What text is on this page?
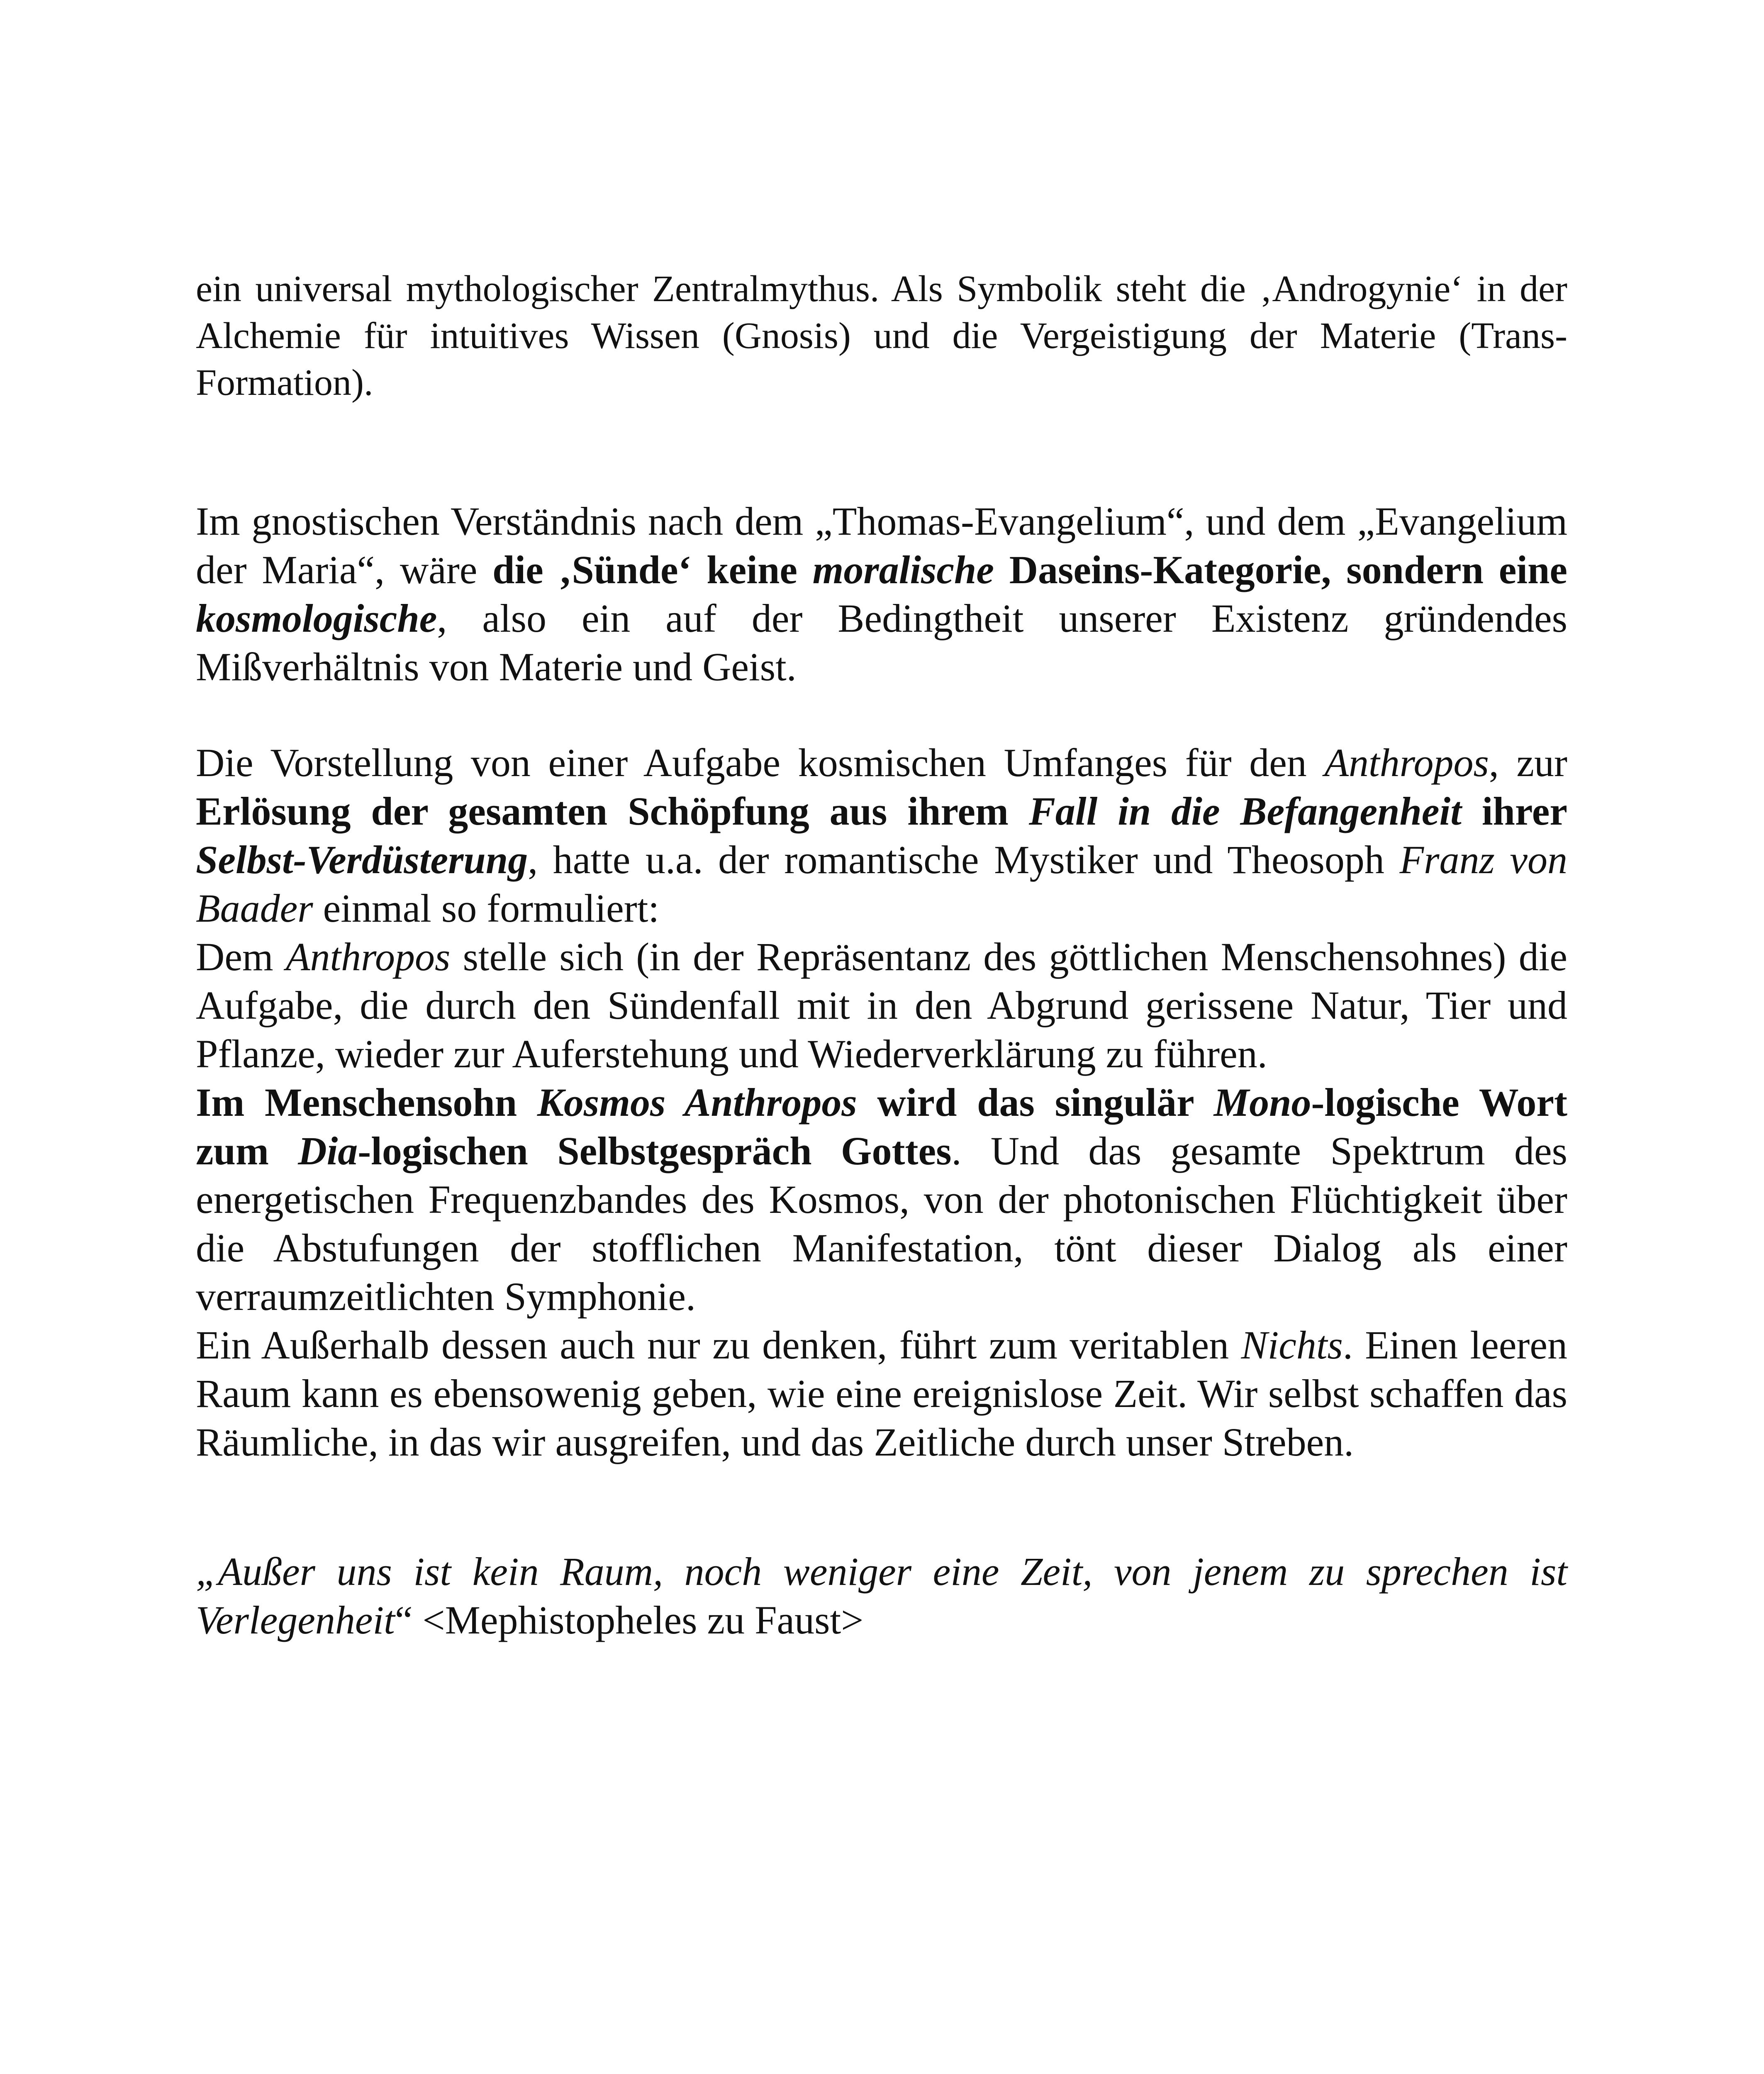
ein universal mythologischer Zentralmythus. Als Symbolik steht die ‚Androgynie‘ in der Alchemie für intuitives Wissen (Gnosis) und die Vergeistigung der Materie (Trans-Formation).

Im gnostischen Verständnis nach dem „Thomas-Evangelium“, und dem „Evangelium der Maria“, wäre die ‚Sünde‘ keine moralische Daseins-Kategorie, sondern eine kosmologische, also ein auf der Bedingtheit unserer Existenz gründendes Mißverhältnis von Materie und Geist.

Die Vorstellung von einer Aufgabe kosmischen Umfanges für den Anthropos, zur Erlösung der gesamten Schöpfung aus ihrem Fall in die Befangenheit ihrer Selbst-Verdüsterung, hatte u.a. der romantische Mystiker und Theosoph Franz von Baader einmal so formuliert:

Dem Anthropos stelle sich (in der Repräsentanz des göttlichen Menschensohnes) die Aufgabe, die durch den Sündenfall mit in den Abgrund gerissene Natur, Tier und Pflanze, wieder zur Auferstehung und Wiederverklärung zu führen.

Im Menschensohn Kosmos Anthropos wird das singulär Mono-logische Wort zum Dia-logischen Selbstgespräch Gottes. Und das gesamte Spektrum des energetischen Frequenzbandes des Kosmos, von der photonischen Flüchtigkeit über die Abstufungen der stofflichen Manifestation, tönt dieser Dialog als einer verraumzeitlichten Symphonie.

Ein Außerhalb dessen auch nur zu denken, führt zum veritablen Nichts. Einen leeren Raum kann es ebensowenig geben, wie eine ereignislose Zeit. Wir selbst schaffen das Räumliche, in das wir ausgreifen, und das Zeitliche durch unser Streben.

„Außer uns ist kein Raum, noch weniger eine Zeit, von jenem zu sprechen ist Verlegenheit“ <Mephistopheles zu Faust>
